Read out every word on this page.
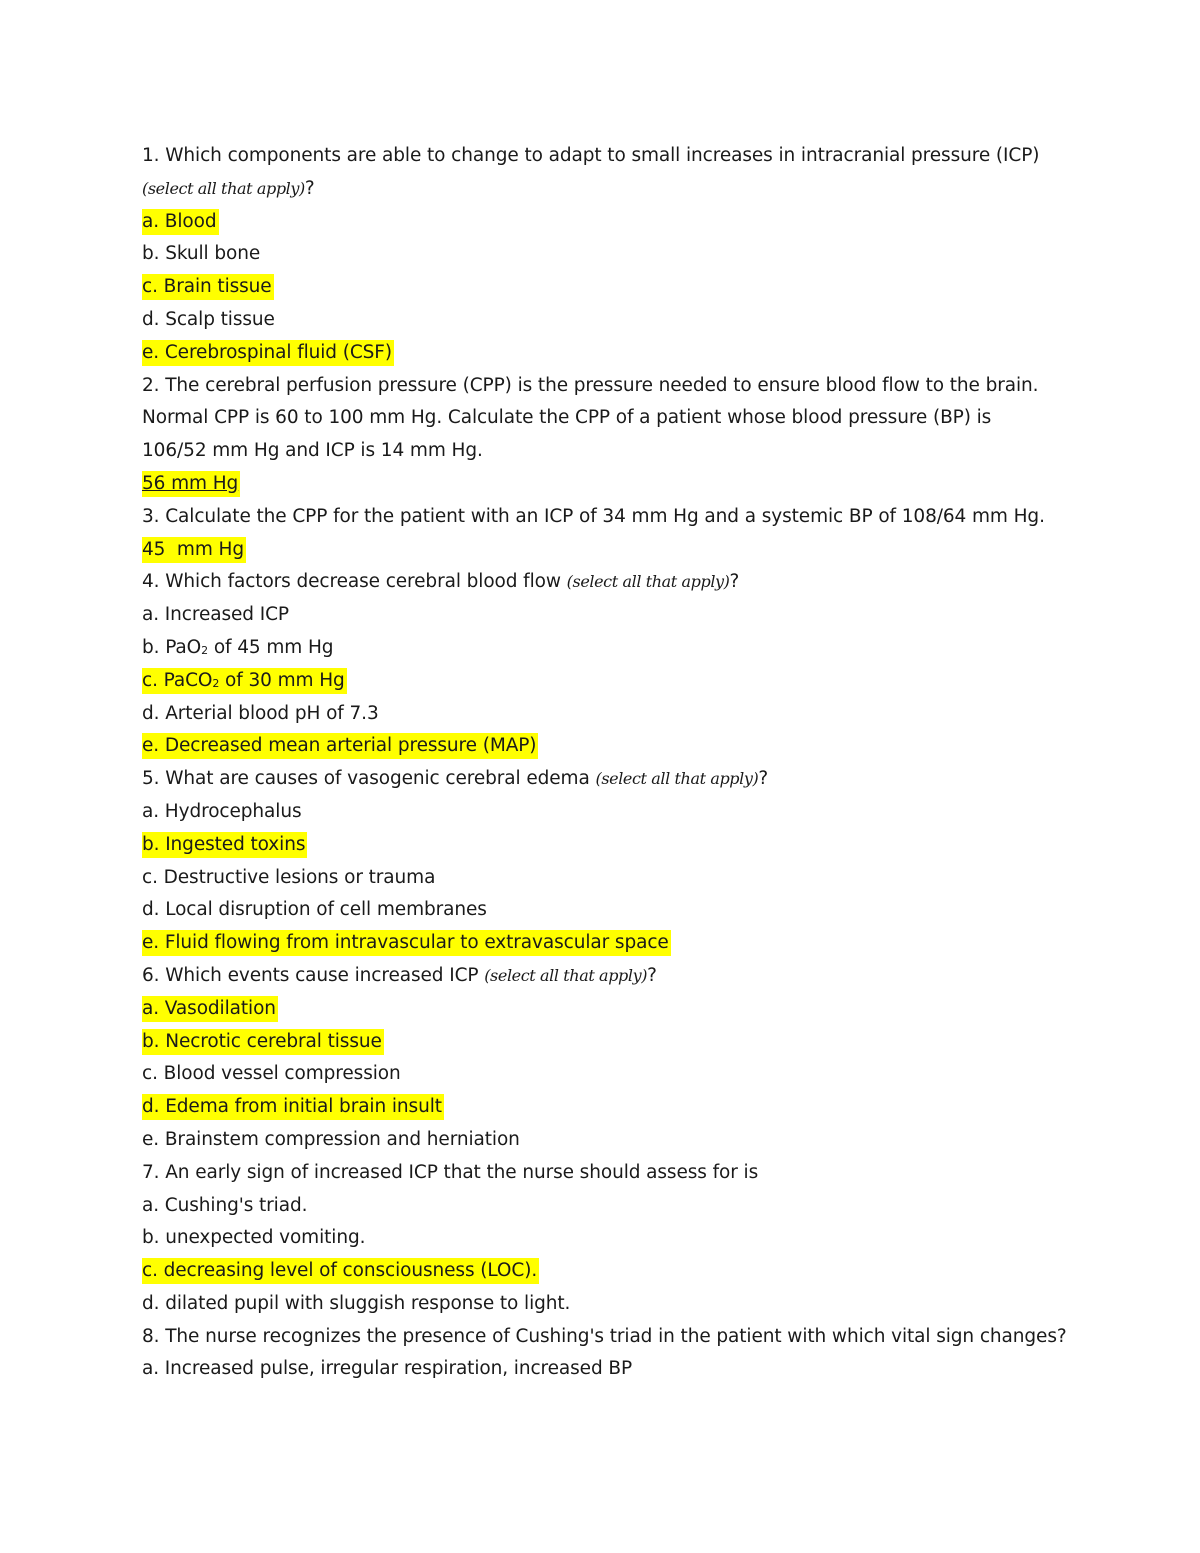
1. Which components are able to change to adapt to small increases in intracranial pressure (ICP)
(select all that apply)?
a. Blood
b. Skull bone
c. Brain tissue
d. Scalp tissue
e. Cerebrospinal fluid (CSF)
2. The cerebral perfusion pressure (CPP) is the pressure needed to ensure blood flow to the brain.
Normal CPP is 60 to 100 mm Hg. Calculate the CPP of a patient whose blood pressure (BP) is
106/52 mm Hg and ICP is 14 mm Hg.
56 mm Hg
3. Calculate the CPP for the patient with an ICP of 34 mm Hg and a systemic BP of 108/64 mm Hg.
45  mm Hg
4. Which factors decrease cerebral blood flow (select all that apply)?
a. Increased ICP
b. PaO$_2$ of 45 mm Hg
c. PaCO$_2$ of 30 mm Hg
d. Arterial blood pH of 7.3
e. Decreased mean arterial pressure (MAP)
5. What are causes of vasogenic cerebral edema (select all that apply)?
a. Hydrocephalus
b. Ingested toxins
c. Destructive lesions or trauma
d. Local disruption of cell membranes
e. Fluid flowing from intravascular to extravascular space
6. Which events cause increased ICP (select all that apply)?
a. Vasodilation
b. Necrotic cerebral tissue
c. Blood vessel compression
d. Edema from initial brain insult
e. Brainstem compression and herniation
7. An early sign of increased ICP that the nurse should assess for is
a. Cushing's triad.
b. unexpected vomiting.
c. decreasing level of consciousness (LOC).
d. dilated pupil with sluggish response to light.
8. The nurse recognizes the presence of Cushing's triad in the patient with which vital sign changes?
a. Increased pulse, irregular respiration, increased BP
